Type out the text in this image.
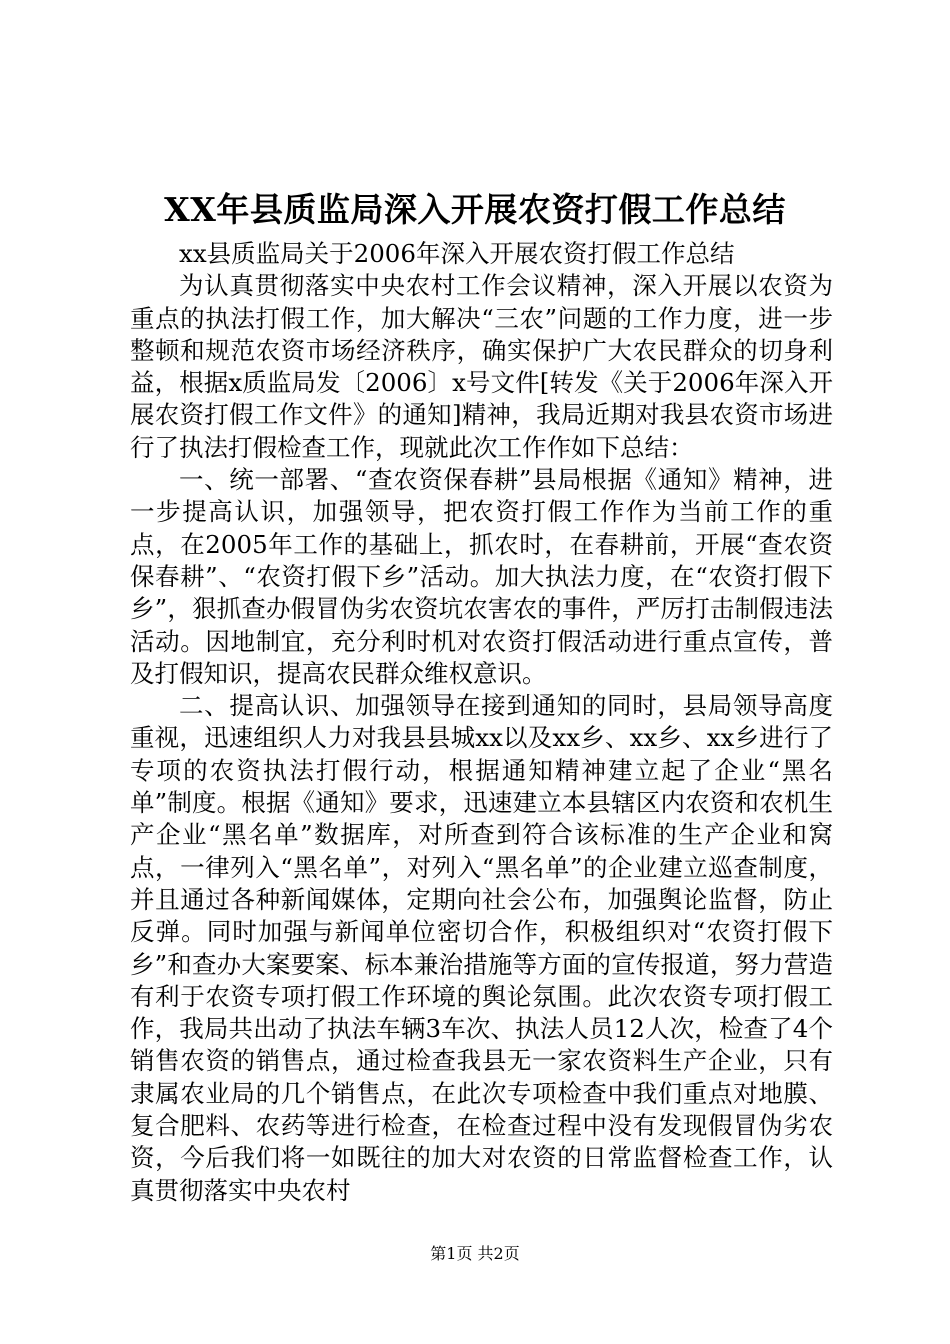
XX年县质监局深入开展农资打假工作总结

xx县质监局关于2006年深入开展农资打假工作总结

为认真贯彻落实中央农村工作会议精神，深入开展以农资为重点的执法打假工作，加大解决“三农”问题的工作力度，进一步整顿和规范农资市场经济秩序，确实保护广大农民群众的切身利益，根据x质监局发〔2006〕x号文件[转发《关于2006年深入开展农资打假工作文件》的通知]精神，我局近期对我县农资市场进行了执法打假检查工作，现就此次工作作如下总结：

一、统一部署、“查农资保春耕”县局根据《通知》精神，进一步提高认识，加强领导，把农资打假工作作为当前工作的重点，在2005年工作的基础上，抓农时，在春耕前，开展“查农资保春耕”、“农资打假下乡”活动。加大执法力度，在“农资打假下乡”，狠抓查办假冒伪劣农资坑农害农的事件，严厉打击制假违法活动。因地制宜，充分利时机对农资打假活动进行重点宣传，普及打假知识，提高农民群众维权意识。

二、提高认识、加强领导在接到通知的同时，县局领导高度重视，迅速组织人力对我县县城xx以及xx乡、xx乡、xx乡进行了专项的农资执法打假行动，根据通知精神建立起了企业“黑名单”制度。根据《通知》要求，迅速建立本县辖区内农资和农机生产企业“黑名单”数据库，对所查到符合该标准的生产企业和窝点，一律列入“黑名单”，对列入“黑名单”的企业建立巡查制度，并且通过各种新闻媒体，定期向社会公布，加强舆论监督，防止反弹。同时加强与新闻单位密切合作，积极组织对“农资打假下乡”和查办大案要案、标本兼治措施等方面的宣传报道，努力营造有利于农资专项打假工作环境的舆论氛围。此次农资专项打假工作，我局共出动了执法车辆3车次、执法人员12人次，检查了4个销售农资的销售点，通过检查我县无一家农资料生产企业，只有隶属农业局的几个销售点，在此次专项检查中我们重点对地膜、复合肥料、农药等进行检查，在检查过程中没有发现假冒伪劣农资，今后我们将一如既往的加大对农资的日常监督检查工作，认真贯彻落实中央农村

第1页 共2页
